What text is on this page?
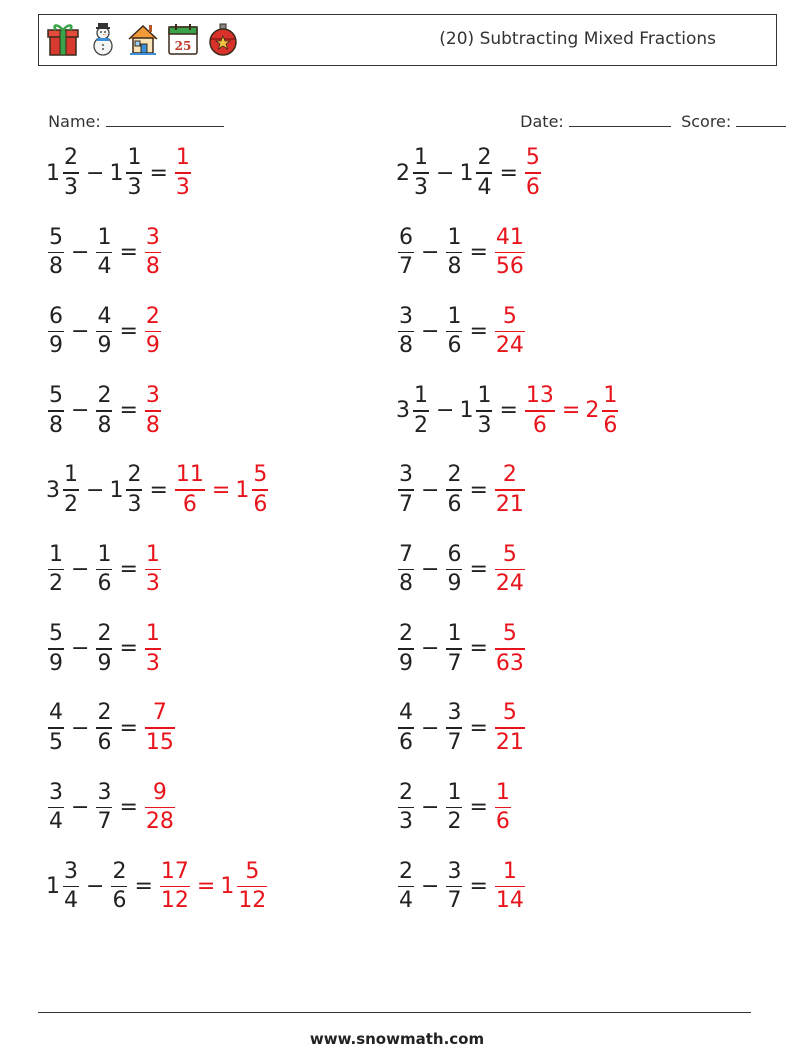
25	(20) Subtracting Mixed Fractions

Name:	Date:	Score:

$1 \frac{2}{3} - 1 \frac{1}{3} = \frac{1}{3}$	$2 \frac{1}{3} - 1 \frac{2}{4} = \frac{5}{6}$
$\frac{5}{8} - \frac{1}{4} = \frac{3}{8}$	$\frac{6}{7} - \frac{1}{8} = \frac{41}{56}$
$\frac{6}{9} - \frac{4}{9} = \frac{2}{9}$	$\frac{3}{8} - \frac{1}{6} = \frac{5}{24}$
$\frac{5}{8} - \frac{2}{8} = \frac{3}{8}$	$3 \frac{1}{2} - 1 \frac{1}{3} = \frac{13}{6} = 2 \frac{1}{6}$
$3 \frac{1}{2} - 1 \frac{2}{3} = \frac{11}{6} = 1 \frac{5}{6}$	$\frac{3}{7} - \frac{2}{6} = \frac{2}{21}$
$\frac{1}{2} - \frac{1}{6} = \frac{1}{3}$	$\frac{7}{8} - \frac{6}{9} = \frac{5}{24}$
$\frac{5}{9} - \frac{2}{9} = \frac{1}{3}$	$\frac{2}{9} - \frac{1}{7} = \frac{5}{63}$
$\frac{4}{5} - \frac{2}{6} = \frac{7}{15}$	$\frac{4}{6} - \frac{3}{7} = \frac{5}{21}$
$\frac{3}{4} - \frac{3}{7} = \frac{9}{28}$	$\frac{2}{3} - \frac{1}{2} = \frac{1}{6}$
$1 \frac{3}{4} - \frac{2}{6} = \frac{17}{12} = 1 \frac{5}{12}$	$\frac{2}{4} - \frac{3}{7} = \frac{1}{14}$
www.snowmath.com
